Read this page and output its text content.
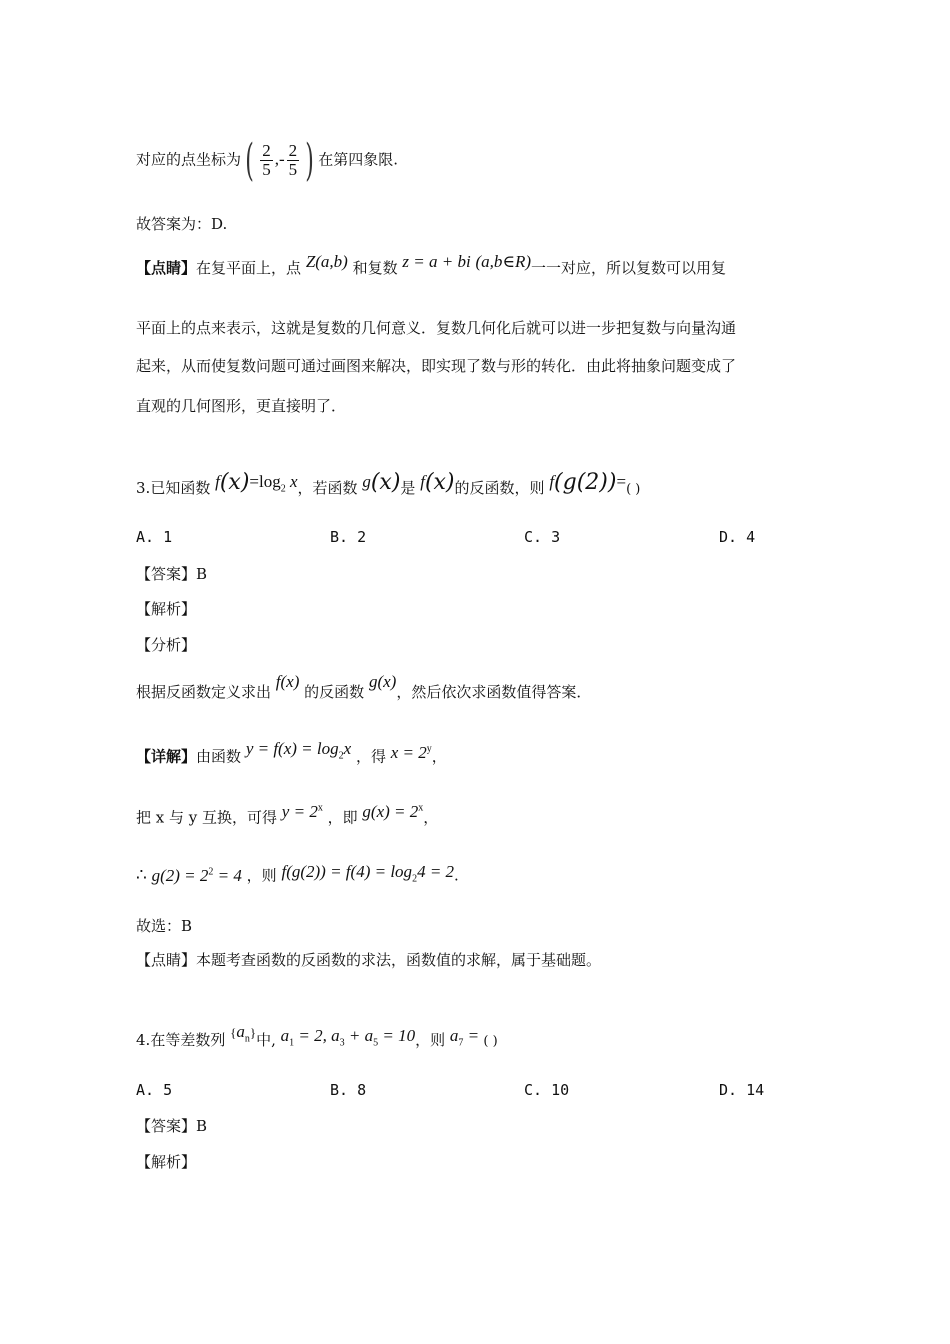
对应的点坐标为( $\frac{2}{5}$ ,- $\frac{2}{5}$ ) 在第四象限.
故答案为：D.
【点睛】在复平面上，点 Z(a,b) 和复数 z = a + bi (a,b∈R)一一对应，所以复数可以用复
平面上的点来表示，这就是复数的几何意义．复数几何化后就可以进一步把复数与向量沟通
起来，从而使复数问题可通过画图来解决，即实现了数与形的转化．由此将抽象问题变成了
直观的几何图形，更直接明了．
3.已知函数 $f(x)=\log_2$ x，若函数 g(x)是 f(x)的反函数，则 f(g(2))=( )
A. 1	B. 2	C. 3	D. 4
【答案】B
【解析】
【分析】
根据反函数定义求出 f(x) 的反函数 g(x)，然后依次求函数值得答案．
【详解】由函数 $y = f(x) = \log_2x$ ，得 $x = 2^y$，
把 x 与 y 互换，可得 $y = 2^x$ ，即 $g(x) = 2^x$，
∴ $g(2) = 2^2 = 4$ ，则 $f(g(2)) = f(4) = \log_24 = 2$.
故选：B
【点睛】本题考查函数的反函数的求法，函数值的求解，属于基础题。
4.在等差数列 $\{a_n\}$中, $a_1 = 2$, $a_3 + a_5 = 10$，则 $a_7$ = ( )
A. 5	B. 8	C. 10	D. 14
【答案】B
【解析】
